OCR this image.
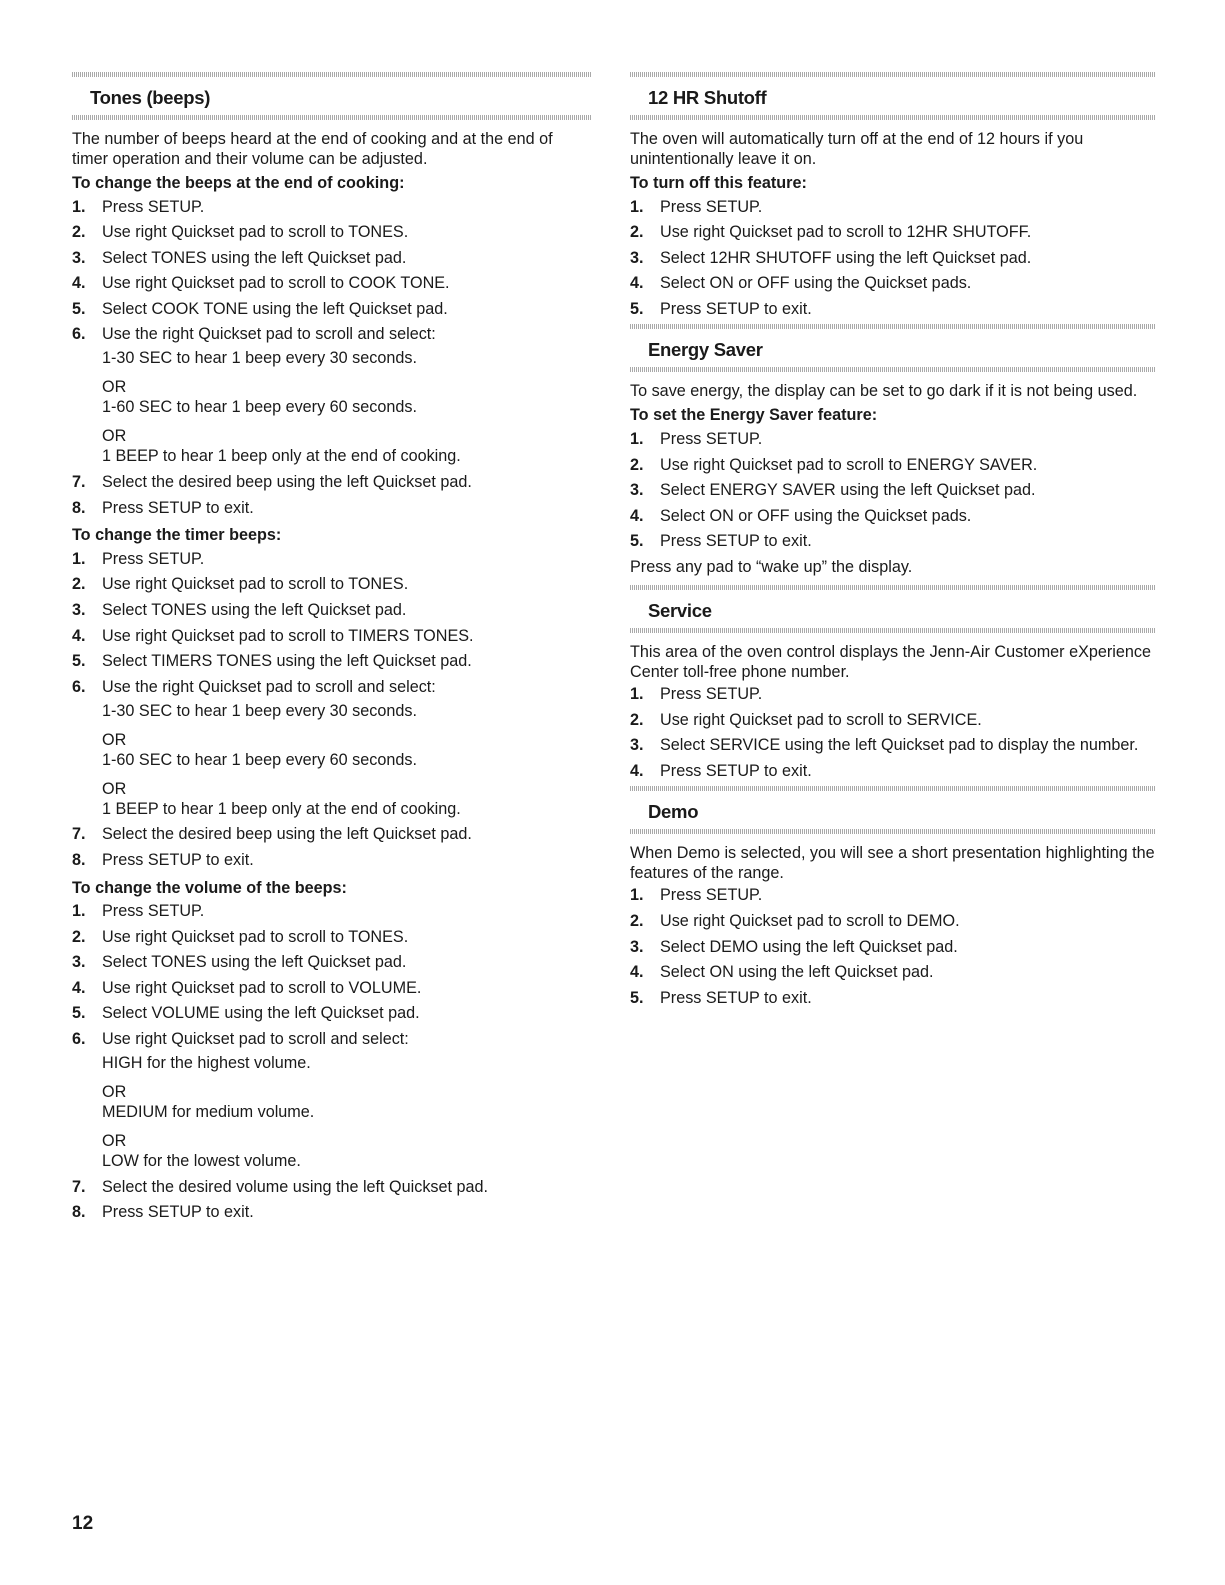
Tones (beeps)

The number of beeps heard at the end of cooking and at the end of timer operation and their volume can be adjusted.

To change the beeps at the end of cooking:

1. Press SETUP.
2. Use right Quickset pad to scroll to TONES.
3. Select TONES using the left Quickset pad.
4. Use right Quickset pad to scroll to COOK TONE.
5. Select COOK TONE using the left Quickset pad.
6. Use the right Quickset pad to scroll and select:
1-30 SEC to hear 1 beep every 30 seconds.
OR
1-60 SEC to hear 1 beep every 60 seconds.
OR
1 BEEP to hear 1 beep only at the end of cooking.
7. Select the desired beep using the left Quickset pad.
8. Press SETUP to exit.

To change the timer beeps:

1. Press SETUP.
2. Use right Quickset pad to scroll to TONES.
3. Select TONES using the left Quickset pad.
4. Use right Quickset pad to scroll to TIMERS TONES.
5. Select TIMERS TONES using the left Quickset pad.
6. Use the right Quickset pad to scroll and select:
1-30 SEC to hear 1 beep every 30 seconds.
OR
1-60 SEC to hear 1 beep every 60 seconds.
OR
1 BEEP to hear 1 beep only at the end of cooking.
7. Select the desired beep using the left Quickset pad.
8. Press SETUP to exit.

To change the volume of the beeps:

1. Press SETUP.
2. Use right Quickset pad to scroll to TONES.
3. Select TONES using the left Quickset pad.
4. Use right Quickset pad to scroll to VOLUME.
5. Select VOLUME using the left Quickset pad.
6. Use right Quickset pad to scroll and select:
HIGH for the highest volume.
OR
MEDIUM for medium volume.
OR
LOW for the lowest volume.
7. Select the desired volume using the left Quickset pad.
8. Press SETUP to exit.
12 HR Shutoff

The oven will automatically turn off at the end of 12 hours if you unintentionally leave it on.

To turn off this feature:

1. Press SETUP.
2. Use right Quickset pad to scroll to 12HR SHUTOFF.
3. Select 12HR SHUTOFF using the left Quickset pad.
4. Select ON or OFF using the Quickset pads.
5. Press SETUP to exit.
Energy Saver

To save energy, the display can be set to go dark if it is not being used.

To set the Energy Saver feature:

1. Press SETUP.
2. Use right Quickset pad to scroll to ENERGY SAVER.
3. Select ENERGY SAVER using the left Quickset pad.
4. Select ON or OFF using the Quickset pads.
5. Press SETUP to exit.

Press any pad to “wake up” the display.

Service

This area of the oven control displays the Jenn-Air Customer eXperience Center toll-free phone number.

1. Press SETUP.
2. Use right Quickset pad to scroll to SERVICE.
3. Select SERVICE using the left Quickset pad to display the number.
4. Press SETUP to exit.
Demo

When Demo is selected, you will see a short presentation highlighting the features of the range.

1. Press SETUP.
2. Use right Quickset pad to scroll to DEMO.
3. Select DEMO using the left Quickset pad.
4. Select ON using the left Quickset pad.
5. Press SETUP to exit.
12
